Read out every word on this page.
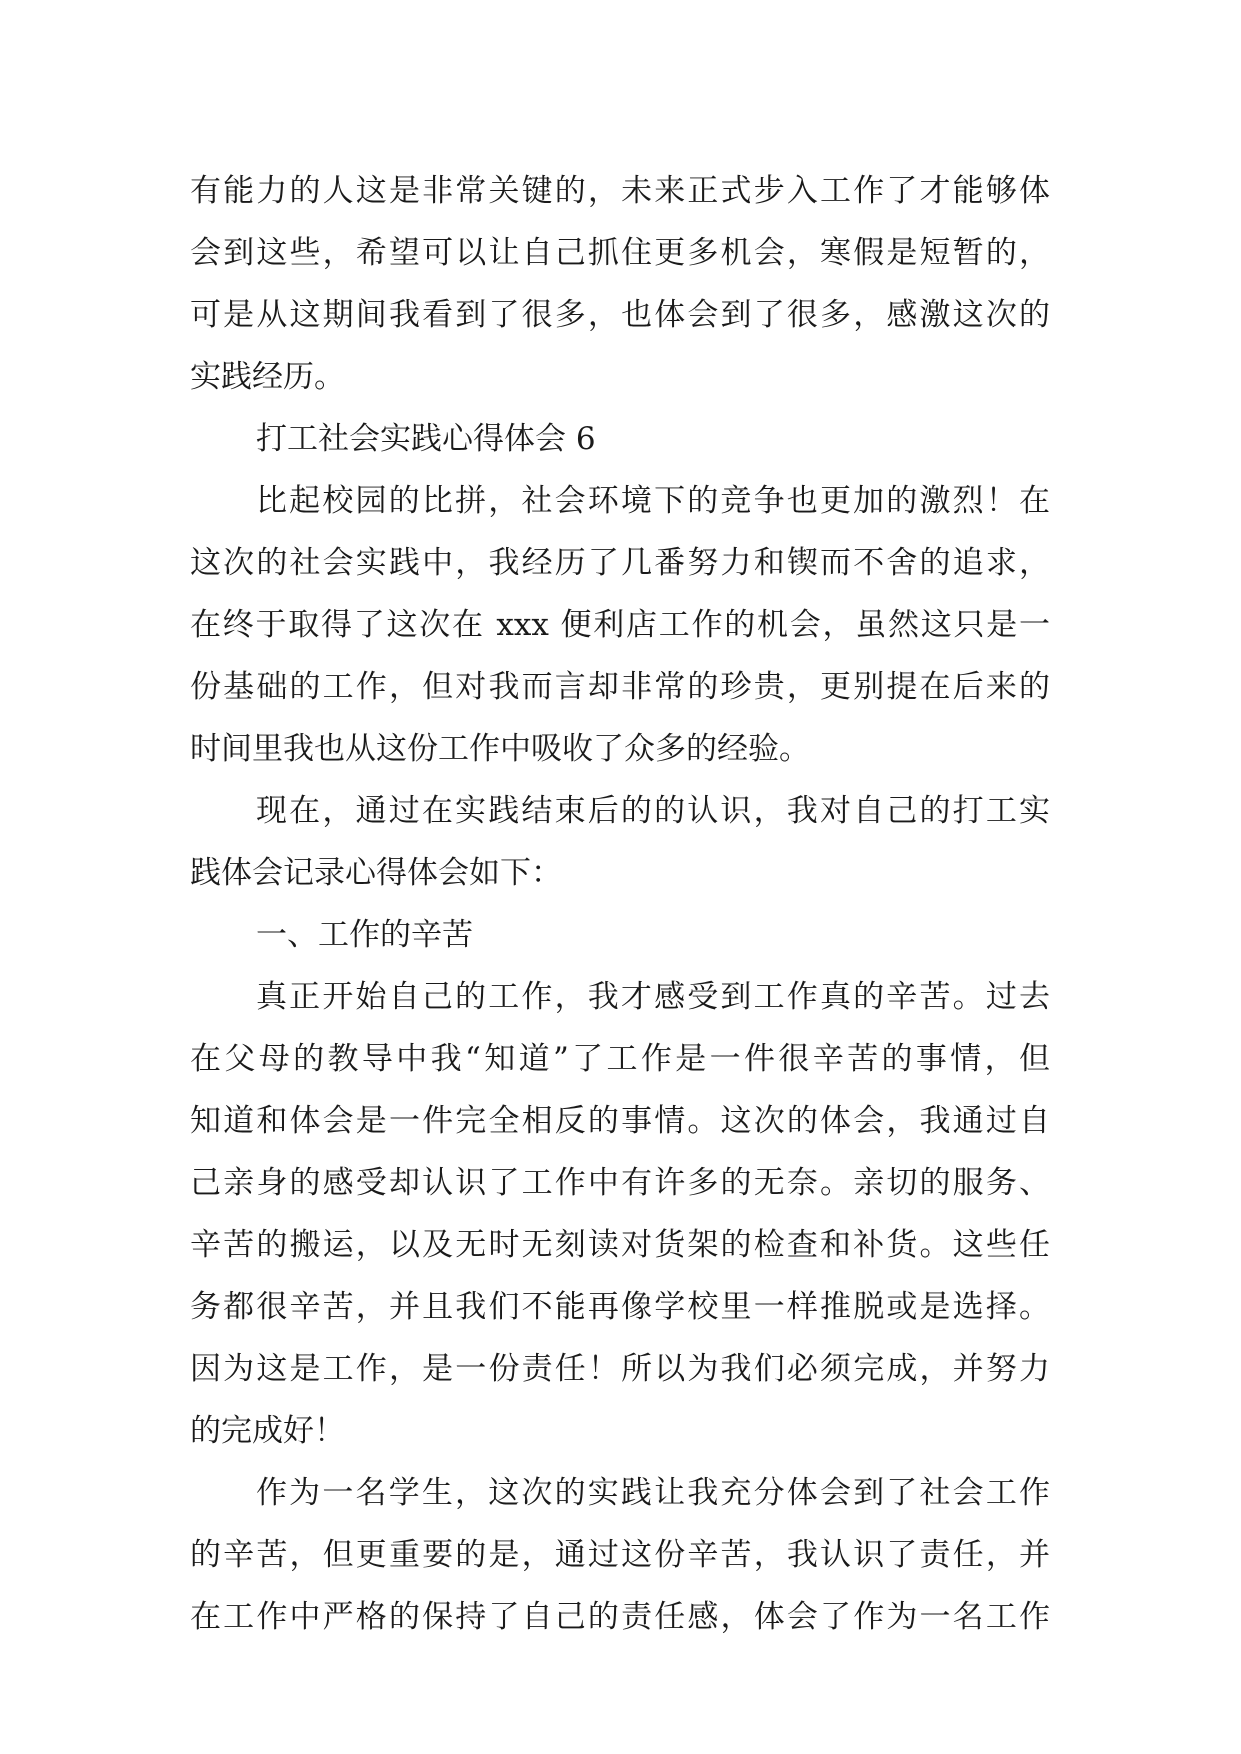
有能力的人这是非常关键的，未来正式步入工作了才能够体
会到这些，希望可以让自己抓住更多机会，寒假是短暂的，
可是从这期间我看到了很多，也体会到了很多，感激这次的
实践经历。
打工社会实践心得体会 6
比起校园的比拼，社会环境下的竞争也更加的激烈！在
这次的社会实践中，我经历了几番努力和锲而不舍的追求，
在终于取得了这次在 xxx 便利店工作的机会，虽然这只是一
份基础的工作，但对我而言却非常的珍贵，更别提在后来的
时间里我也从这份工作中吸收了众多的经验。
现在，通过在实践结束后的的认识，我对自己的打工实
践体会记录心得体会如下：
一、工作的辛苦
真正开始自己的工作，我才感受到工作真的辛苦。过去
在父母的教导中我“知道”了工作是一件很辛苦的事情，但
知道和体会是一件完全相反的事情。这次的体会，我通过自
己亲身的感受却认识了工作中有许多的无奈。亲切的服务、
辛苦的搬运，以及无时无刻读对货架的检查和补货。这些任
务都很辛苦，并且我们不能再像学校里一样推脱或是选择。
因为这是工作，是一份责任！所以为我们必须完成，并努力
的完成好！
作为一名学生，这次的实践让我充分体会到了社会工作
的辛苦，但更重要的是，通过这份辛苦，我认识了责任，并
在工作中严格的保持了自己的责任感，体会了作为一名工作
